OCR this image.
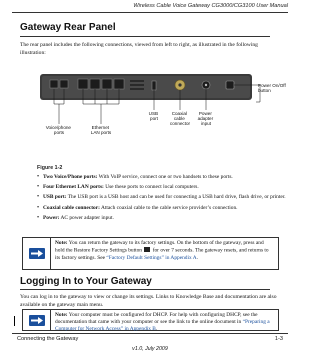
Wireless Cable Voice Gateway CG3000/CG3100 User Manual
Gateway Rear Panel
The rear panel includes the following connections, viewed from left to right, as illustrated in the following illustration:
Voice/phone ports
Ethernet LAN ports
USB port
Coaxial cable connector
Power adapter input
Power On/Off button
Figure 1-2
• Two Voice/Phone ports: With VoIP service, connect one or two handsets to these ports.
• Four Ethernet LAN ports: Use these ports to connect local computers.
• USB port: The USB port is a USB host and can be used for connecting a USB hard drive, flash drive, or printer.
• Coaxial cable connector: Attach coaxial cable to the cable service provider’s connection.
• Power: AC power adapter input.
Note: You can return the gateway to its factory settings. On the bottom of the gateway, press and hold the Restore Factory Settings button  for over 7 seconds. The gateway resets, and returns to its factory settings. See “Factory Default Settings” in Appendix A.
Logging In to Your Gateway
You can log in to the gateway to view or change its settings. Links to Knowledge Base and documentation are also available on the gateway main menu.
Note: Your computer must be configured for DHCP. For help with configuring DHCP, see the documentation that came with your computer or see the link to the online document in “Preparing a Computer for Network Access” in Appendix B.
Connecting the Gateway	1-3
v1.0, July 2009
